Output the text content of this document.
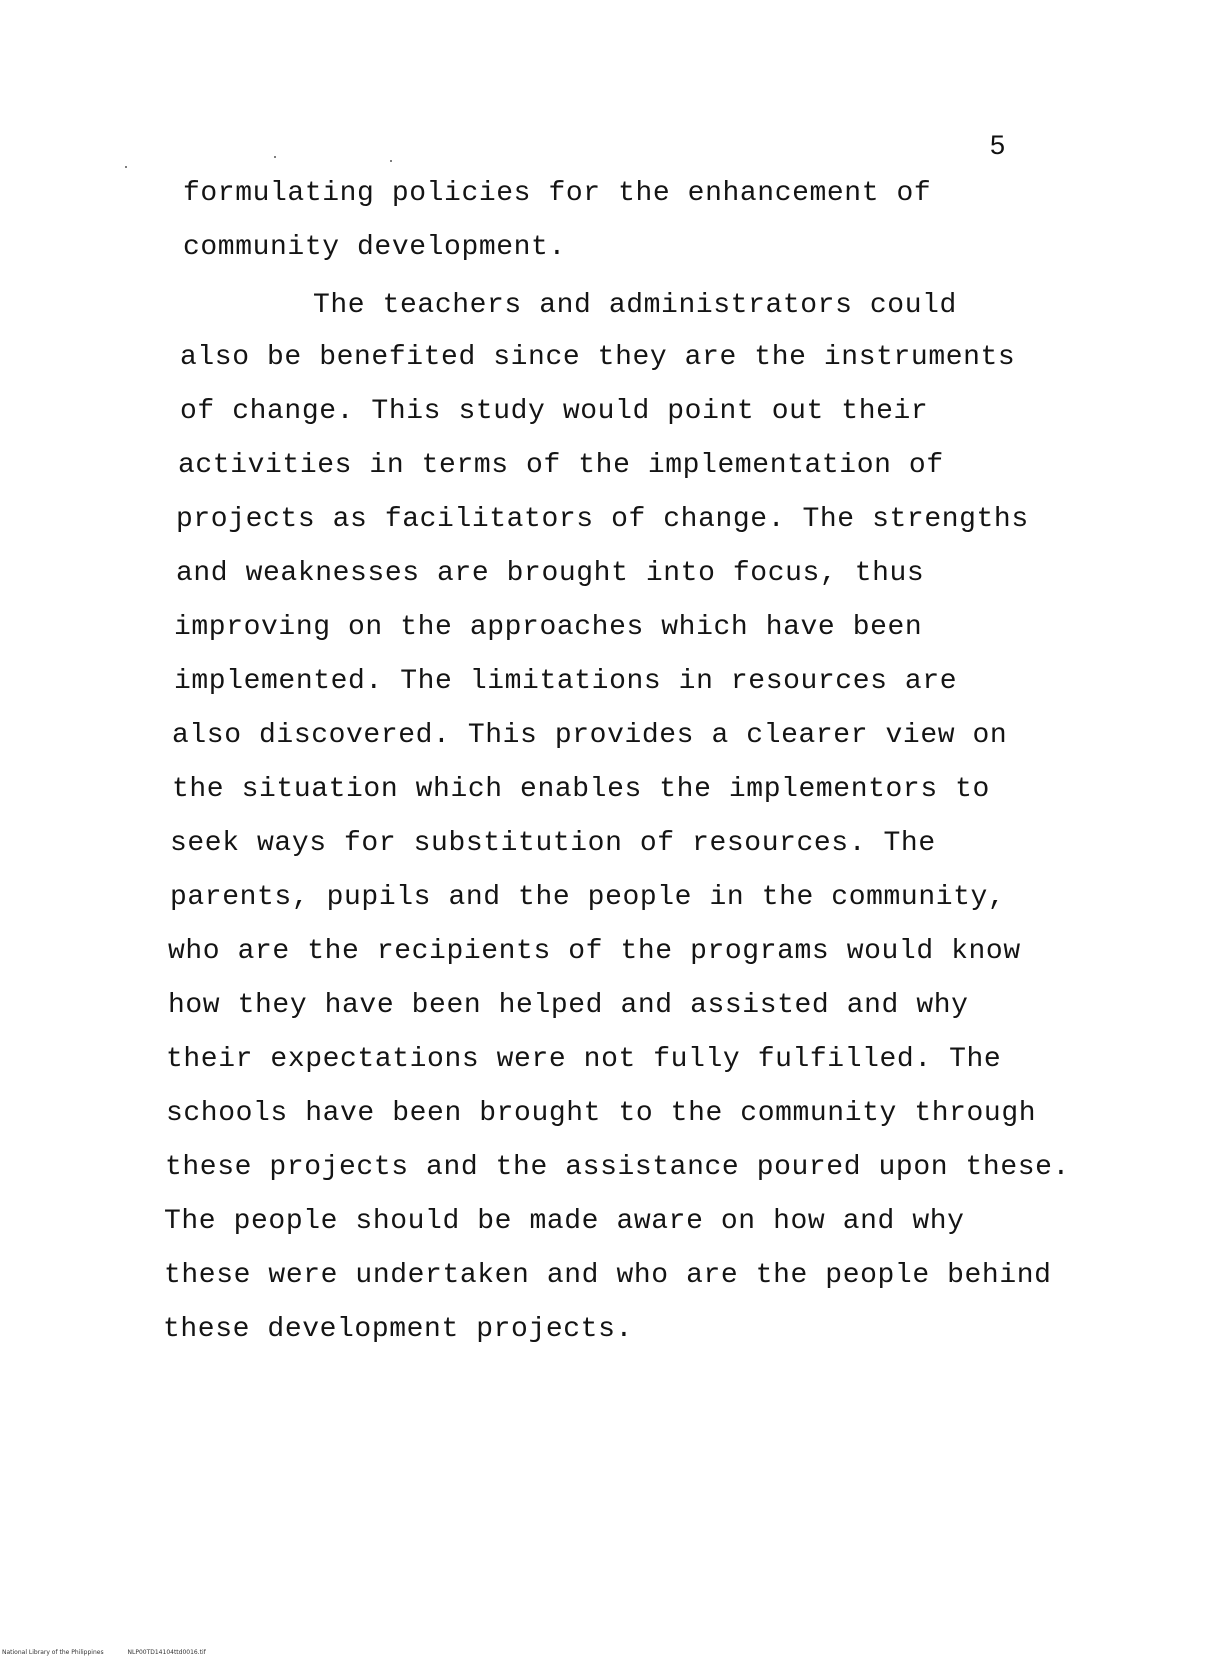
5
formulating policies for the enhancement of
community development.
The teachers and administrators could
also be benefited since they are the instruments
of change. This study would point out their
activities in terms of the implementation of
projects as facilitators of change. The strengths
and weaknesses are brought into focus, thus
improving on the approaches which have been
implemented. The limitations in resources are
also discovered. This provides a clearer view on
the situation which enables the implementors to
seek ways for substitution of resources. The
parents, pupils and the people in the community,
who are the recipients of the programs would know
how they have been helped and assisted and why
their expectations were not fully fulfilled. The
schools have been brought to the community through
these projects and the assistance poured upon these.
The people should be made aware on how and why
these were undertaken and who are the people behind
these development projects.
National Library of the Philippines	NLP00TD14104ttd0016.tif
